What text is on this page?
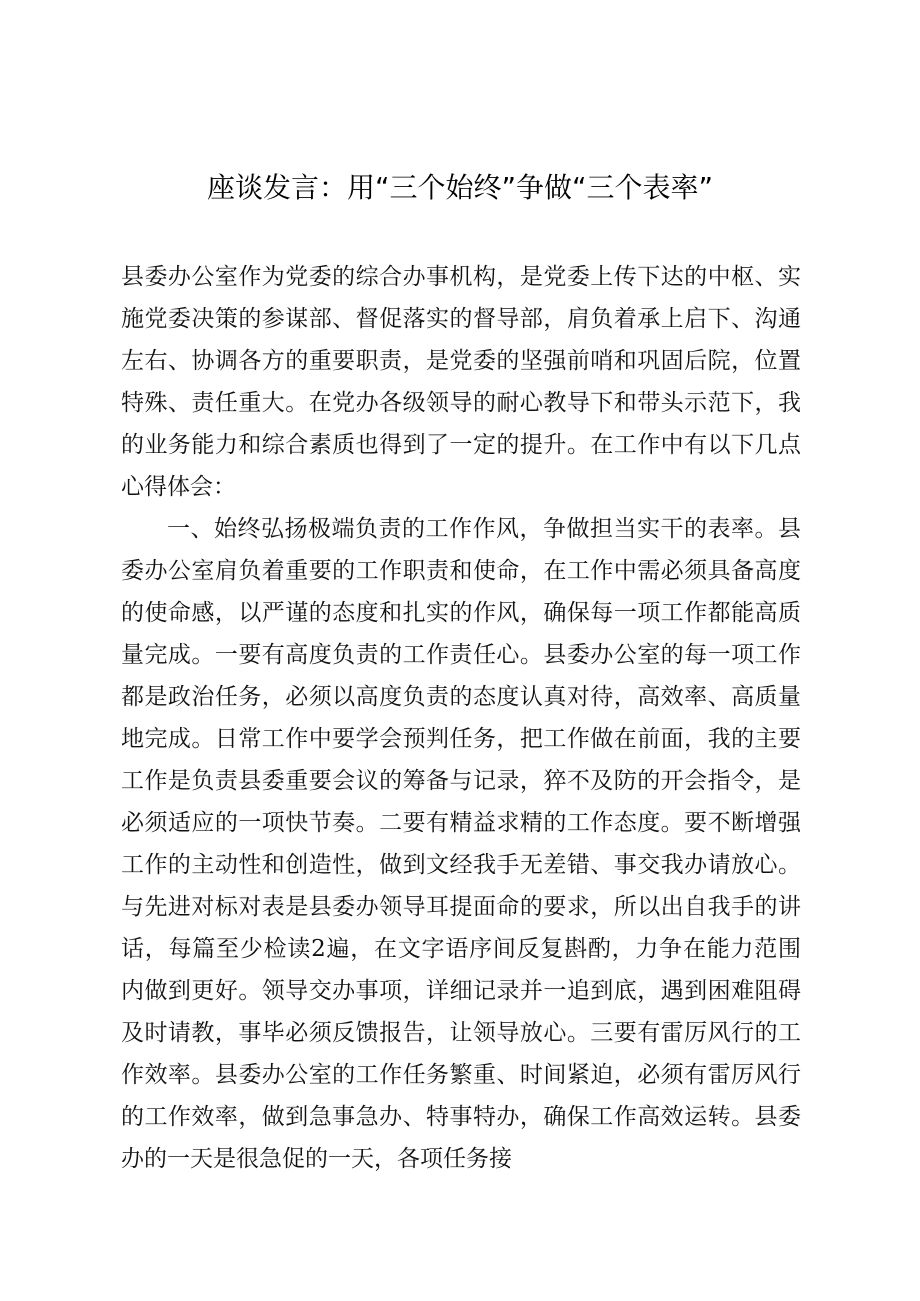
座谈发言：用“三个始终”争做“三个表率”

县委办公室作为党委的综合办事机构，是党委上传下达的中枢、实施党委决策的参谋部、督促落实的督导部，肩负着承上启下、沟通左右、协调各方的重要职责，是党委的坚强前哨和巩固后院，位置特殊、责任重大。在党办各级领导的耐心教导下和带头示范下，我的业务能力和综合素质也得到了一定的提升。在工作中有以下几点心得体会：

一、始终弘扬极端负责的工作作风，争做担当实干的表率。县委办公室肩负着重要的工作职责和使命，在工作中需必须具备高度的使命感，以严谨的态度和扎实的作风，确保每一项工作都能高质量完成。一要有高度负责的工作责任心。县委办公室的每一项工作都是政治任务，必须以高度负责的态度认真对待，高效率、高质量地完成。日常工作中要学会预判任务，把工作做在前面，我的主要工作是负责县委重要会议的筹备与记录，猝不及防的开会指令，是必须适应的一项快节奏。二要有精益求精的工作态度。要不断增强工作的主动性和创造性，做到文经我手无差错、事交我办请放心。与先进对标对表是县委办领导耳提面命的要求，所以出自我手的讲话，每篇至少检读2遍，在文字语序间反复斟酌，力争在能力范围内做到更好。领导交办事项，详细记录并一追到底，遇到困难阻碍及时请教，事毕必须反馈报告，让领导放心。三要有雷厉风行的工作效率。县委办公室的工作任务繁重、时间紧迫，必须有雷厉风行的工作效率，做到急事急办、特事特办，确保工作高效运转。县委办的一天是很急促的一天，各项任务接
